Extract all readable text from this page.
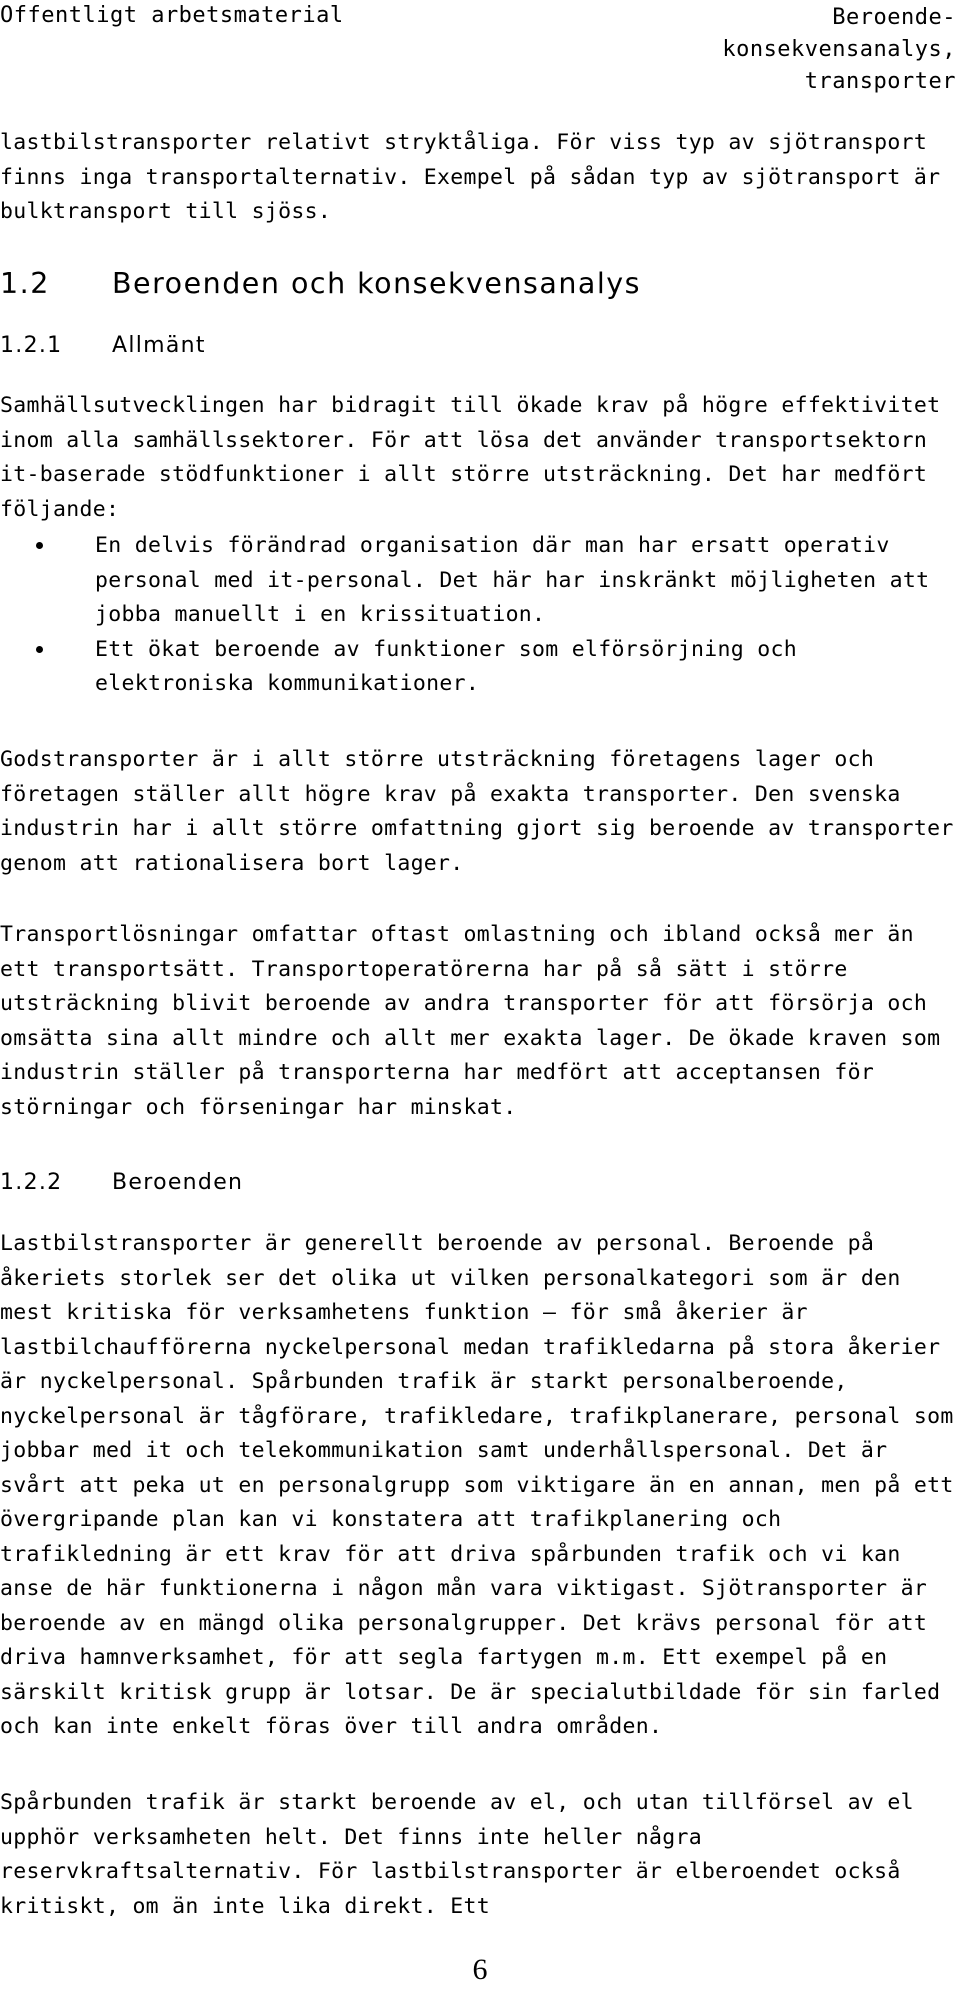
Offentligt arbetsmaterial	Beroende- konsekvensanalys, transporter

lastbilstransporter relativt stryktåliga. För viss typ av sjötransport finns inga transportalternativ. Exempel på sådan typ av sjötransport är bulktransport till sjöss.

1.2 Beroenden och konsekvensanalys
1.2.1 Allmänt
Samhällsutvecklingen har bidragit till ökade krav på högre effektivitet inom alla samhällssektorer. För att lösa det använder transportsektorn it-baserade stödfunktioner i allt större utsträckning. Det har medfört följande:
En delvis förändrad organisation där man har ersatt operativ personal med it-personal. Det här har inskränkt möjligheten att jobba manuellt i en krissituation.
Ett ökat beroende av funktioner som elförsörjning och elektroniska kommunikationer.
Godstransporter är i allt större utsträckning företagens lager och företagen ställer allt högre krav på exakta transporter. Den svenska industrin har i allt större omfattning gjort sig beroende av transporter genom att rationalisera bort lager.
Transportlösningar omfattar oftast omlastning och ibland också mer än ett transportsätt. Transportoperatörerna har på så sätt i större utsträckning blivit beroende av andra transporter för att försörja och omsätta sina allt mindre och allt mer exakta lager. De ökade kraven som industrin ställer på transporterna har medfört att acceptansen för störningar och förseningar har minskat.
1.2.2 Beroenden
Lastbilstransporter är generellt beroende av personal. Beroende på åkeriets storlek ser det olika ut vilken personalkategori som är den mest kritiska för verksamhetens funktion — för små åkerier är lastbilchaufförerna nyckelpersonal medan trafikledarna på stora åkerier är nyckelpersonal. Spårbunden trafik är starkt personalberoende, nyckelpersonal är tågförare, trafikledare, trafikplanerare, personal som jobbar med it och telekommunikation samt underhållspersonal. Det är svårt att peka ut en personalgrupp som viktigare än en annan, men på ett övergripande plan kan vi konstatera att trafikplanering och trafikledning är ett krav för att driva spårbunden trafik och vi kan anse de här funktionerna i någon mån vara viktigast. Sjötransporter är beroende av en mängd olika personalgrupper. Det krävs personal för att driva hamnverksamhet, för att segla fartygen m.m. Ett exempel på en särskilt kritisk grupp är lotsar. De är specialutbildade för sin farled och kan inte enkelt föras över till andra områden.
Spårbunden trafik är starkt beroende av el, och utan tillförsel av el upphör verksamheten helt. Det finns inte heller några reservkraftsalternativ. För lastbilstransporter är elberoendet också kritiskt, om än inte lika direkt. Ett
6
